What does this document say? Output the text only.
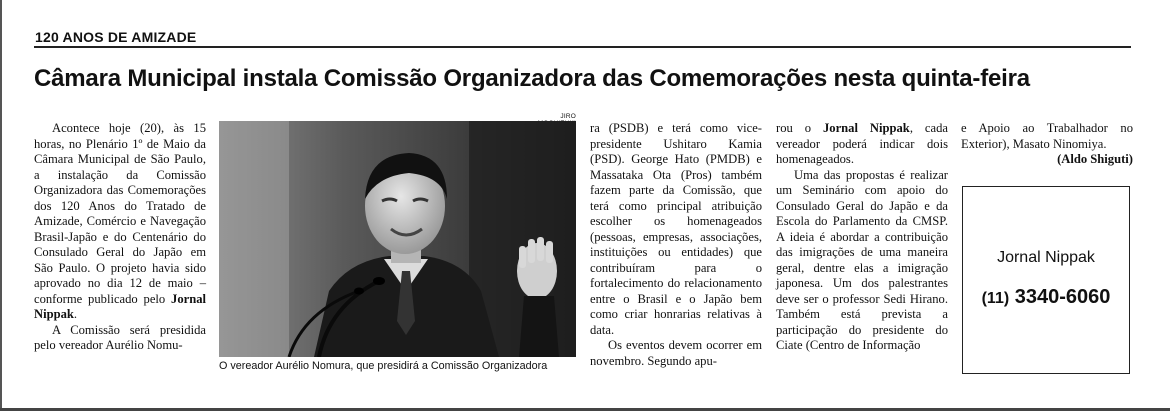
120 ANOS DE AMIZADE
Câmara Municipal instala Comissão Organizadora das Comemorações nesta quinta-feira

Acontece hoje (20), às 15 horas, no Plenário 1º de Maio da Câmara Municipal de São Paulo, a instalação da Comissão Organizadora das Comemorações dos 120 Anos do Tratado de Amizade, Comércio e Navegação Brasil-Japão e do Centenário do Consulado Geral do Japão em São Paulo. O projeto havia sido aprovado no dia 12 de maio – conforme publicado pelo Jornal Nippak.

A Comissão será presidida pelo vereador Aurélio Nomu-

JIRO
O vereador Aurélio Nomura, que presidirá a Comissão Organizadora

ra (PSDB) e terá como vice-presidente Ushitaro Kamia (PSD). George Hato (PMDB) e Massataka Ota (Pros) também fazem parte da Comissão, que terá como principal atribuição escolher os homenageados (pessoas, empresas, associações, instituições ou entidades) que contribuíram para o fortalecimento do relacionamento entre o Brasil e o Japão bem como criar honrarias relativas à data.

Os eventos devem ocorrer em novembro. Segundo apu-

rou o Jornal Nippak, cada vereador poderá indicar dois homenageados.

Uma das propostas é realizar um Seminário com apoio do Consulado Geral do Japão e da Escola do Parlamento da CMSP. A ideia é abordar a contribuição das imigrações de uma maneira geral, dentre elas a imigração japonesa. Um dos palestrantes deve ser o professor Sedi Hirano. Também está prevista a participação do presidente do Ciate (Centro de Informação

e Apoio ao Trabalhador no Exterior), Masato Ninomiya.

(Aldo Shiguti)
Jornal Nippak
(11) 3340-6060
